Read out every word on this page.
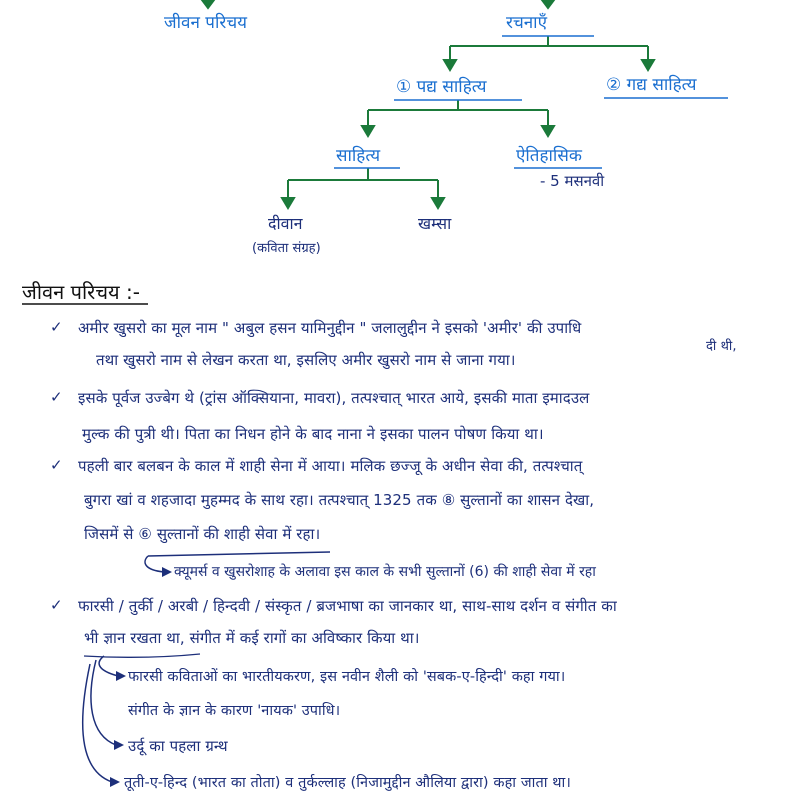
जीवन परिचय	रचनाएँ
① पद्य साहित्य	② गद्य साहित्य
साहित्य	ऐतिहासिक
- 5 मसनवी
दीवान
(कविता संग्रह)
खम्सा
जीवन परिचय :-
✓ अमीर खुसरो का मूल नाम " अबुल हसन यामिनुद्दीन " जलालुद्दीन ने इसको 'अमीर' की उपाधि
दी थी,
तथा खुसरो नाम से लेखन करता था, इसलिए अमीर खुसरो नाम से जाना गया।
✓ इसके पूर्वज उज्बेग थे (ट्रांस ऑक्सियाना, मावरा), तत्पश्चात् भारत आये, इसकी माता इमादउल
मुल्क की पुत्री थी। पिता का निधन होने के बाद नाना ने इसका पालन पोषण किया था।
✓ पहली बार बलबन के काल में शाही सेना में आया। मलिक छज्जू के अधीन सेवा की, तत्पश्चात्
बुगरा खां व शहजादा मुहम्मद के साथ रहा। तत्पश्चात् 1325 तक ⑧ सुल्तानों का शासन देखा,
जिसमें से ⑥ सुल्तानों की शाही सेवा में रहा।
क्यूमर्स व खुसरोशाह के अलावा इस काल के सभी सुल्तानों (6) की शाही सेवा में रहा
✓ फारसी / तुर्की / अरबी / हिन्दवी / संस्कृत / ब्रजभाषा का जानकार था, साथ-साथ दर्शन व संगीत का
भी ज्ञान रखता था, संगीत में कई रागों का अविष्कार किया था।
फारसी कविताओं का भारतीयकरण, इस नवीन शैली को 'सबक-ए-हिन्दी' कहा गया।
संगीत के ज्ञान के कारण 'नायक' उपाधि।
उर्दू का पहला ग्रन्थ
तूती-ए-हिन्द (भारत का तोता) व तुर्कल्लाह (निजामुद्दीन औलिया द्वारा) कहा जाता था।
